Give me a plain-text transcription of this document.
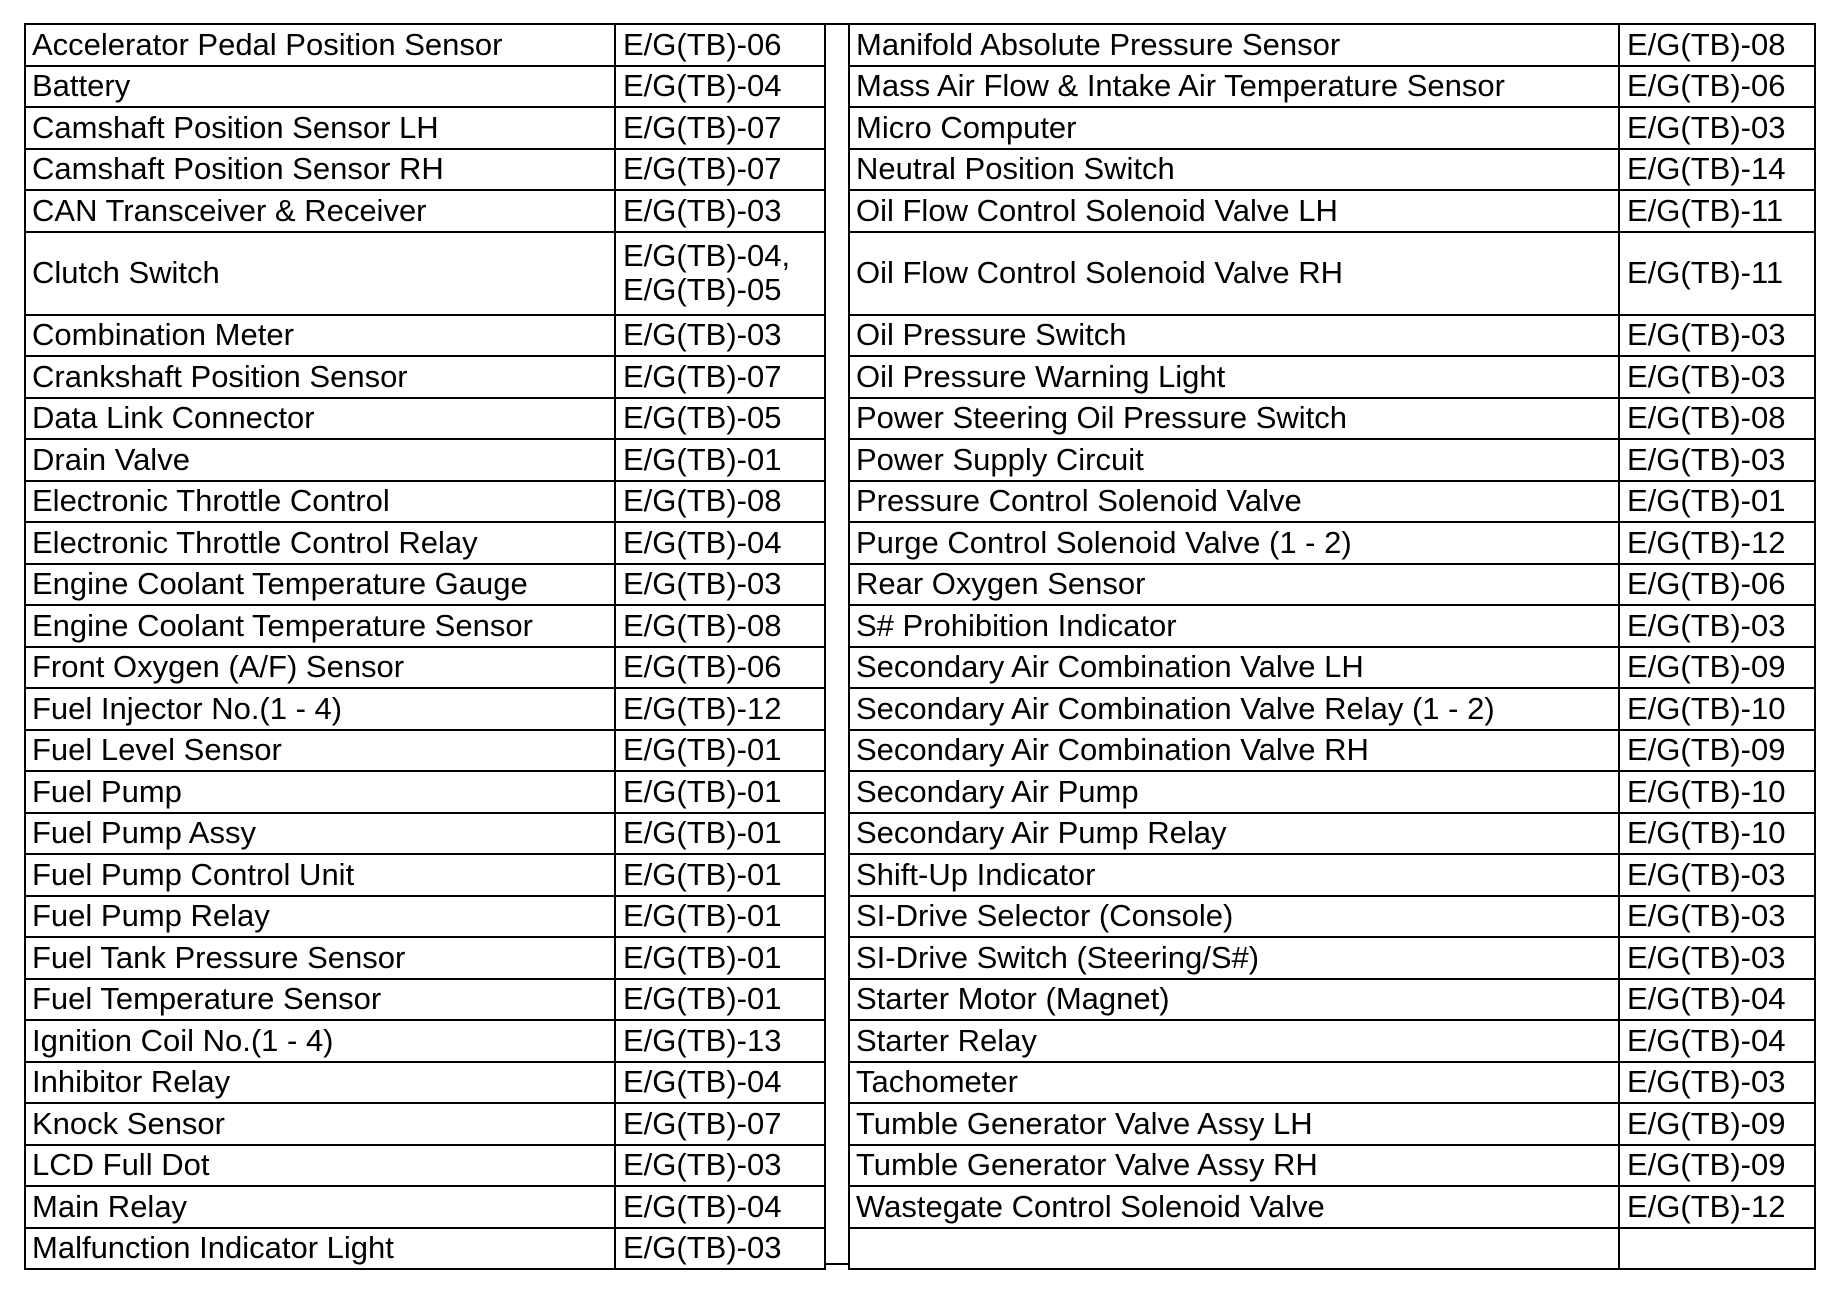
Accelerator Pedal Position Sensor	E/G(TB)-06
Battery	E/G(TB)-04
Camshaft Position Sensor LH	E/G(TB)-07
Camshaft Position Sensor RH	E/G(TB)-07
CAN Transceiver & Receiver	E/G(TB)-03
Clutch Switch	E/G(TB)-04, E/G(TB)-05
Combination Meter	E/G(TB)-03
Crankshaft Position Sensor	E/G(TB)-07
Data Link Connector	E/G(TB)-05
Drain Valve	E/G(TB)-01
Electronic Throttle Control	E/G(TB)-08
Electronic Throttle Control Relay	E/G(TB)-04
Engine Coolant Temperature Gauge	E/G(TB)-03
Engine Coolant Temperature Sensor	E/G(TB)-08
Front Oxygen (A/F) Sensor	E/G(TB)-06
Fuel Injector No.(1 - 4)	E/G(TB)-12
Fuel Level Sensor	E/G(TB)-01
Fuel Pump	E/G(TB)-01
Fuel Pump Assy	E/G(TB)-01
Fuel Pump Control Unit	E/G(TB)-01
Fuel Pump Relay	E/G(TB)-01
Fuel Tank Pressure Sensor	E/G(TB)-01
Fuel Temperature Sensor	E/G(TB)-01
Ignition Coil No.(1 - 4)	E/G(TB)-13
Inhibitor Relay	E/G(TB)-04
Knock Sensor	E/G(TB)-07
LCD Full Dot	E/G(TB)-03
Main Relay	E/G(TB)-04
Malfunction Indicator Light	E/G(TB)-03
Manifold Absolute Pressure Sensor	E/G(TB)-08
Mass Air Flow & Intake Air Temperature Sensor	E/G(TB)-06
Micro Computer	E/G(TB)-03
Neutral Position Switch	E/G(TB)-14
Oil Flow Control Solenoid Valve LH	E/G(TB)-11
Oil Flow Control Solenoid Valve RH	E/G(TB)-11
Oil Pressure Switch	E/G(TB)-03
Oil Pressure Warning Light	E/G(TB)-03
Power Steering Oil Pressure Switch	E/G(TB)-08
Power Supply Circuit	E/G(TB)-03
Pressure Control Solenoid Valve	E/G(TB)-01
Purge Control Solenoid Valve (1 - 2)	E/G(TB)-12
Rear Oxygen Sensor	E/G(TB)-06
S# Prohibition Indicator	E/G(TB)-03
Secondary Air Combination Valve LH	E/G(TB)-09
Secondary Air Combination Valve Relay (1 - 2)	E/G(TB)-10
Secondary Air Combination Valve RH	E/G(TB)-09
Secondary Air Pump	E/G(TB)-10
Secondary Air Pump Relay	E/G(TB)-10
Shift-Up Indicator	E/G(TB)-03
SI-Drive Selector (Console)	E/G(TB)-03
SI-Drive Switch (Steering/S#)	E/G(TB)-03
Starter Motor (Magnet)	E/G(TB)-04
Starter Relay	E/G(TB)-04
Tachometer	E/G(TB)-03
Tumble Generator Valve Assy LH	E/G(TB)-09
Tumble Generator Valve Assy RH	E/G(TB)-09
Wastegate Control Solenoid Valve	E/G(TB)-12
